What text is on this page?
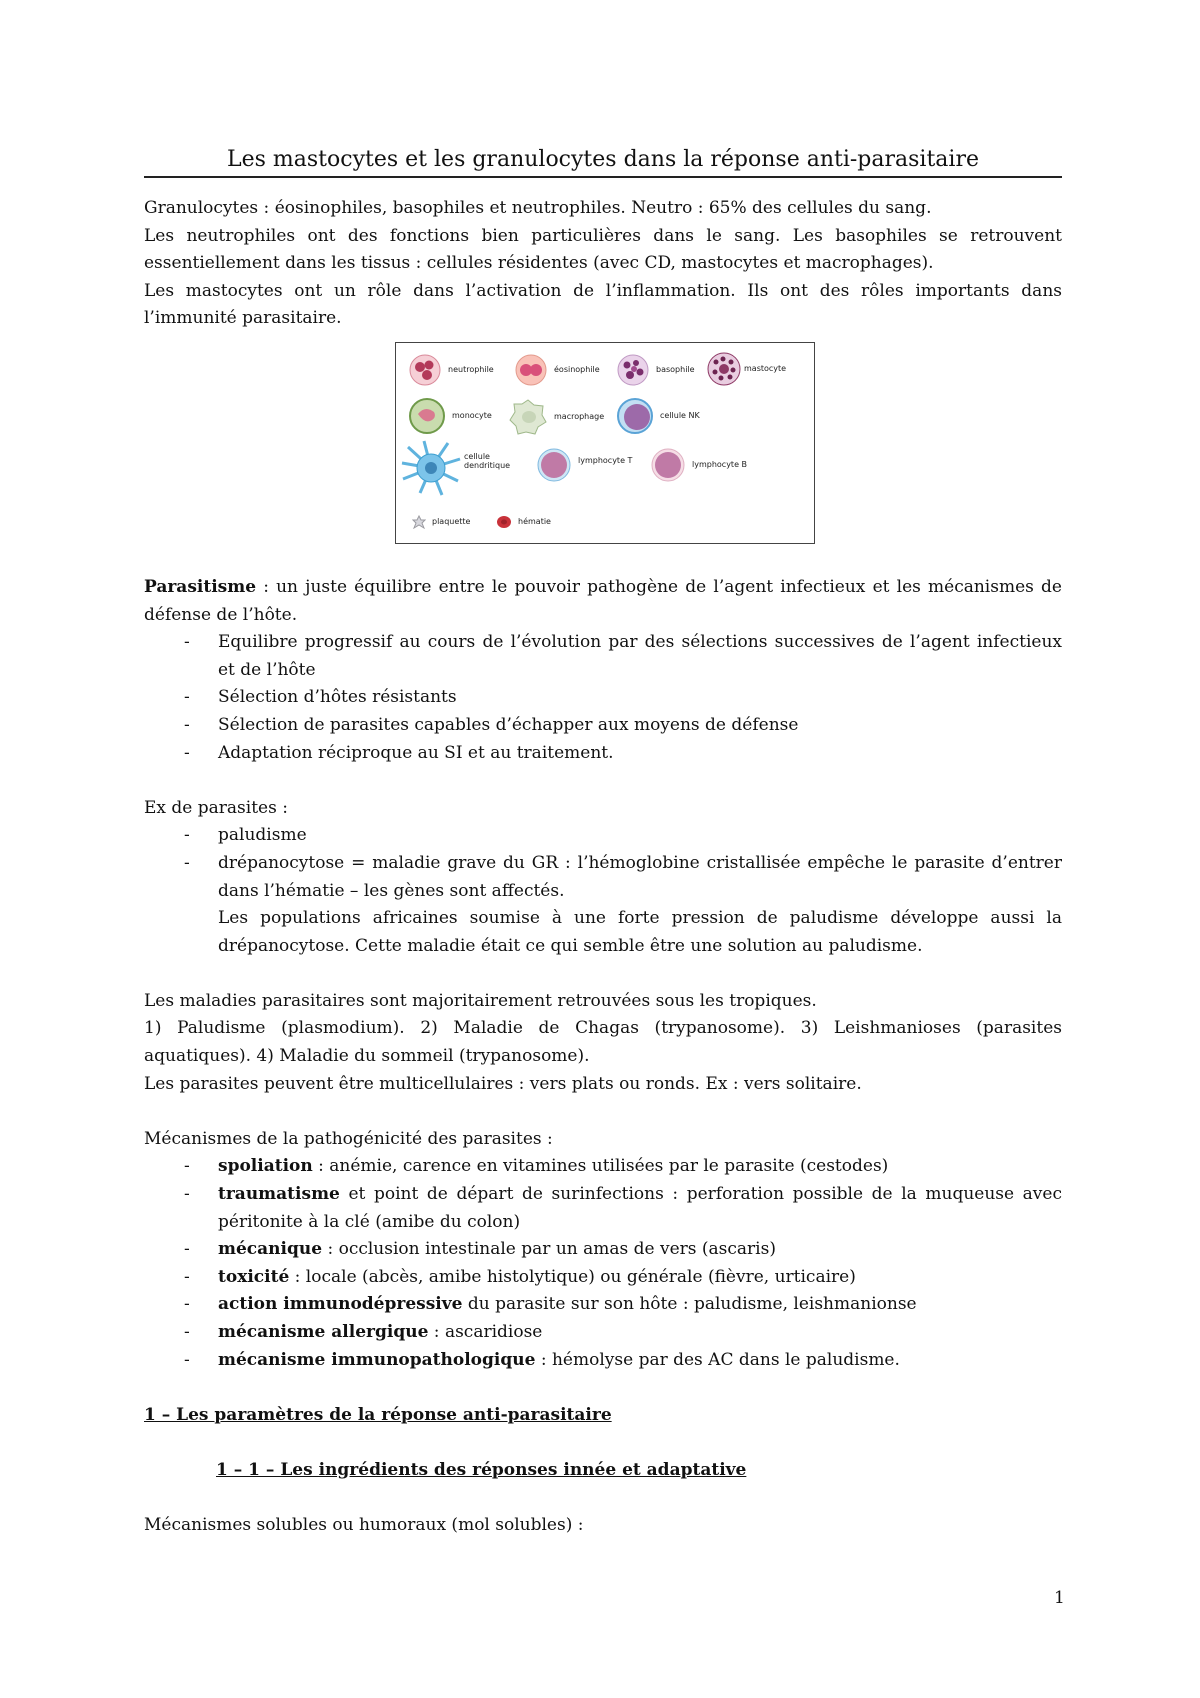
Les mastocytes et les granulocytes dans la réponse anti-parasitaire

Granulocytes : éosinophiles, basophiles et neutrophiles. Neutro : 65% des cellules du sang.

Les neutrophiles ont des fonctions bien particulières dans le sang. Les basophiles se retrouvent essentiellement dans les tissus : cellules résidentes (avec CD, mastocytes et macrophages).

Les mastocytes ont un rôle dans l’activation de l’inflammation. Ils ont des rôles importants dans l’immunité parasitaire.

neutrophile	éosinophile	basophile	mastocyte
monocyte	macrophage	cellule NK
cellule dendritique	lymphocyte T	lymphocyte B
plaquette	hématie

Parasitisme : un juste équilibre entre le pouvoir pathogène de l’agent infectieux et les mécanismes de défense de l’hôte.

- Equilibre progressif au cours de l’évolution par des sélections successives de l’agent infectieux et de l’hôte
- Sélection d’hôtes résistants
- Sélection de parasites capables d’échapper aux moyens de défense
- Adaptation réciproque au SI et au traitement.

Ex de parasites :

- paludisme
- drépanocytose = maladie grave du GR : l’hémoglobine cristallisée empêche le parasite d’entrer dans l’hématie – les gènes sont affectés.

Les populations africaines soumise à une forte pression de paludisme développe aussi la drépanocytose. Cette maladie était ce qui semble être une solution au paludisme.

Les maladies parasitaires sont majoritairement retrouvées sous les tropiques.

1) Paludisme (plasmodium). 2) Maladie de Chagas (trypanosome). 3) Leishmanioses (parasites aquatiques). 4) Maladie du sommeil (trypanosome).

Les parasites peuvent être multicellulaires : vers plats ou ronds. Ex : vers solitaire.

Mécanismes de la pathogénicité des parasites :

- spoliation : anémie, carence en vitamines utilisées par le parasite (cestodes)
- traumatisme et point de départ de surinfections : perforation possible de la muqueuse avec péritonite à la clé (amibe du colon)
- mécanique : occlusion intestinale par un amas de vers (ascaris)
- toxicité : locale (abcès, amibe histolytique) ou générale (fièvre, urticaire)
- action immunodépressive du parasite sur son hôte : paludisme, leishmanionse
- mécanisme allergique : ascaridiose
- mécanisme immunopathologique : hémolyse par des AC dans le paludisme.

1 – Les paramètres de la réponse anti-parasitaire

1 – 1 – Les ingrédients des réponses innée et adaptative

Mécanismes solubles ou humoraux (mol solubles) :

1
